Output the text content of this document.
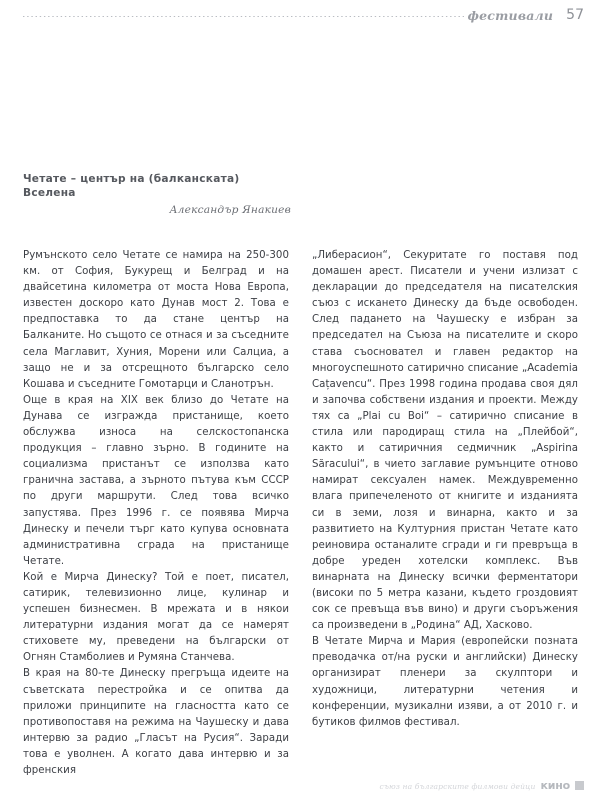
фестивали 57
Четате – център на (балканската) Вселена
Александър Янакиев

Румънското село Четате се намира на 250-300 км. от София, Букурещ и Белград и на двайсетина километра от моста Нова Европа, известен доскоро като Дунав мост 2. Това е предпоставка то да стане център на Балканите. Но същото се отнася и за съседните села Маглавит, Хуния, Морени или Салциа, а защо не и за отсрещното българско село Кошава и съседните Гомотарци и Сланотрън.

Още в края на XIX век близо до Четате на Дунава се изгражда пристанище, което обслужва износа на селскостопанска продукция – главно зърно. В годините на социализма пристанът се използва като гранична застава, а зърното пътува към СССР по други маршрути. След това всичко запустява. През 1996 г. се появява Мирча Динеску и печели търг като купува основната административна сграда на пристанище Четате.

Кой е Мирча Динеску? Той е поет, писател, сатирик, телевизионно лице, кулинар и успешен бизнесмен. В мрежата и в някои литературни издания могат да се намерят стиховете му, преведени на български от Огнян Стамболиев и Румяна Станчева.

В края на 80-те Динеску прегръща идеите на съветската перестройка и се опитва да приложи принципите на гласността като се противопоставя на режима на Чаушеску и дава интервю за радио „Гласът на Русия“. Заради това е уволнен. А когато дава интервю и за френския

„Либерасион“, Секуритате го поставя под домашен арест. Писатели и учени излизат с декларации до председателя на писателския съюз с искането Динеску да бъде освободен. След падането на Чаушеску е избран за председател на Съюза на писателите и скоро става съосновател и главен редактор на многоуспешното сатирично списание „Academia Cațavencu“. През 1998 година продава своя дял и започва собствени издания и проекти. Между тях са „Plai cu Boi“ – сатирично списание в стила или пародиращ стила на „Плейбой“, както и сатиричния седмичник „Aspirina Săracului“, в чието заглавие румънците отново намират сексуален намек. Междувременно влага припечеленото от книгите и изданията си в земи, лозя и винарна, както и за развитието на Културния пристан Четате като реиновира останалите сгради и ги превръща в добре уреден хотелски комплекс. Във винарната на Динеску всички ферментатори (високи по 5 метра казани, където гроздовият сок се превъща във вино) и други съоръжения са произведени в „Родина“ АД, Хасково.

В Четате Мирча и Мария (европейски позната преводачка от/на руски и английски) Динеску организират пленери за скулптори и художници, литературни четения и конференции, музикални изяви, а от 2010 г. и бутиков филмов фестивал.

съюз на българските филмови дейци кино
